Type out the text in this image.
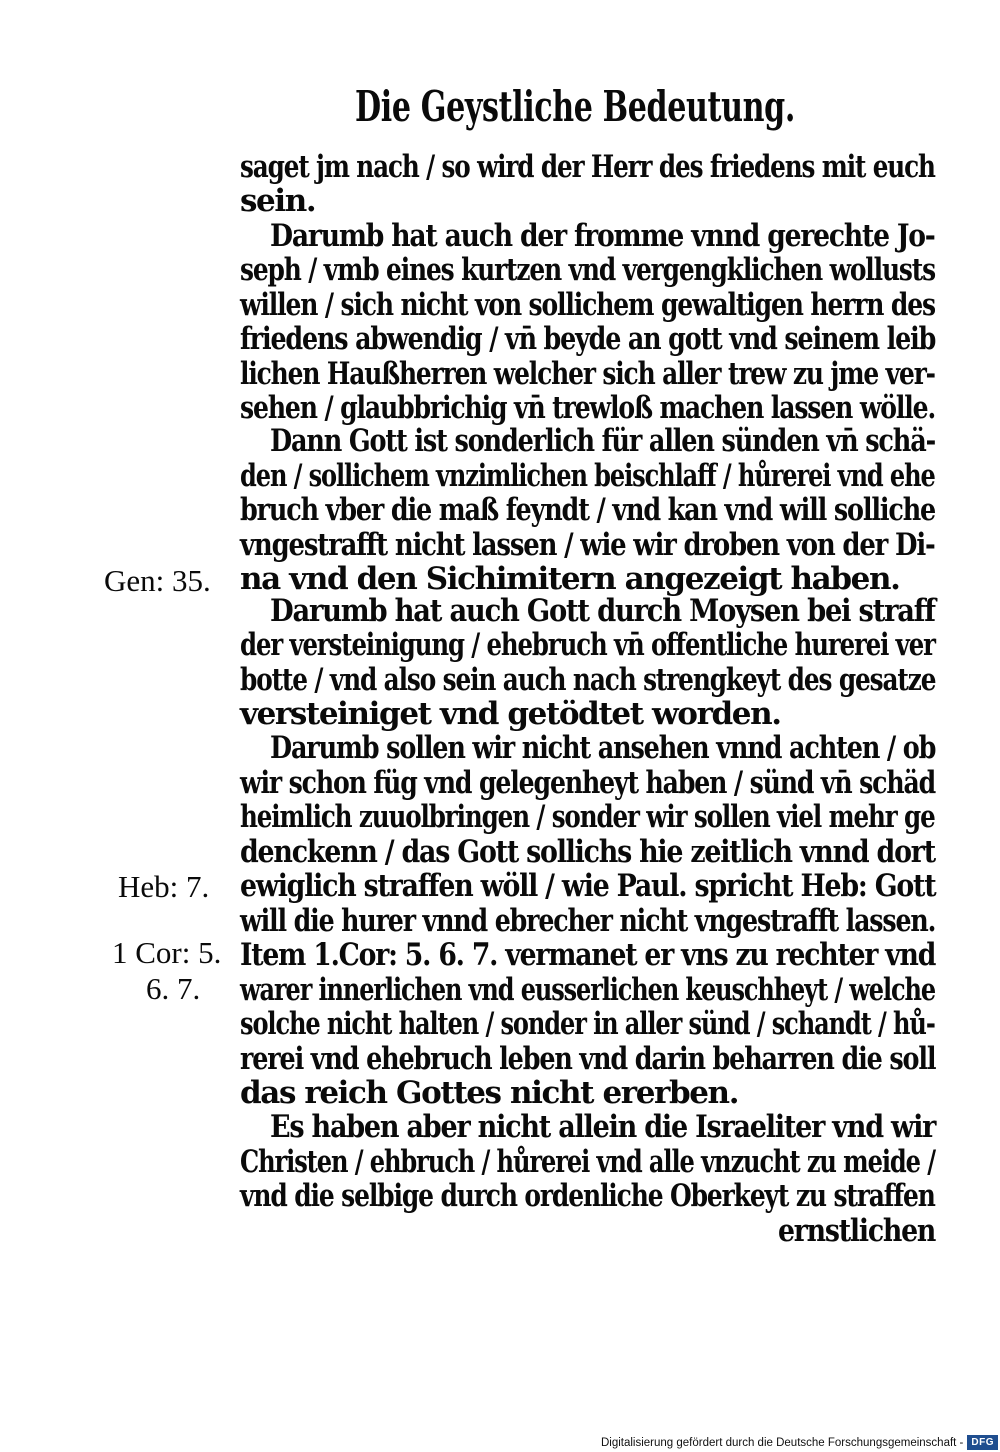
Die Geystliche Bedeutung.
saget jm nach / so wird der Herr des friedens mit euch
sein.
Darumb hat auch der fromme vnnd gerechte Jo-
seph / vmb eines kurtzen vnd vergengklichen wollusts
willen / sich nicht von sollichem gewaltigen herrn des
friedens abwendig / vn̄ beyde an gott vnd seinem leib
lichen Haußherren welcher sich aller trew zu jme ver-
sehen / glaubbrichig vn̄ trewloß machen lassen wölle.
Dann Gott ist sonderlich für allen sünden vn̄ schä-
den / sollichem vnzimlichen beischlaff / hůrerei vnd ehe
bruch vber die maß feyndt / vnd kan vnd will solliche
vngestrafft nicht lassen / wie wir droben von der Di-
na vnd den Sichimitern angezeigt haben.
Darumb hat auch Gott durch Moysen bei straff
der versteinigung / ehebruch vn̄ offentliche hurerei ver
botte / vnd also sein auch nach strengkeyt des gesatze
versteiniget vnd getödtet worden.
Darumb sollen wir nicht ansehen vnnd achten / ob
wir schon füg vnd gelegenheyt haben / sünd vn̄ schäd
heimlich zuuolbringen / sonder wir sollen viel mehr ge
denckenn / das Gott sollichs hie zeitlich vnnd dort
ewiglich straffen wöll / wie Paul. spricht Heb: Gott
will die hurer vnnd ebrecher nicht vngestrafft lassen.
Item 1.Cor: 5. 6. 7. vermanet er vns zu rechter vnd
warer innerlichen vnd eusserlichen keuschheyt / welche
solche nicht halten / sonder in aller sünd / schandt / hů-
rerei vnd ehebruch leben vnd darin beharren die soll
das reich Gottes nicht ererben.
Es haben aber nicht allein die Israeliter vnd wir
Christen / ehbruch / hůrerei vnd alle vnzucht zu meide /
vnd die selbige durch ordenliche Oberkeyt zu straffen
ernstlichen
Gen: 35.
Heb: 7.
1 Cor: 5.
6. 7.
Digitalisierung gefördert durch die Deutsche Forschungsgemeinschaft - DFG
